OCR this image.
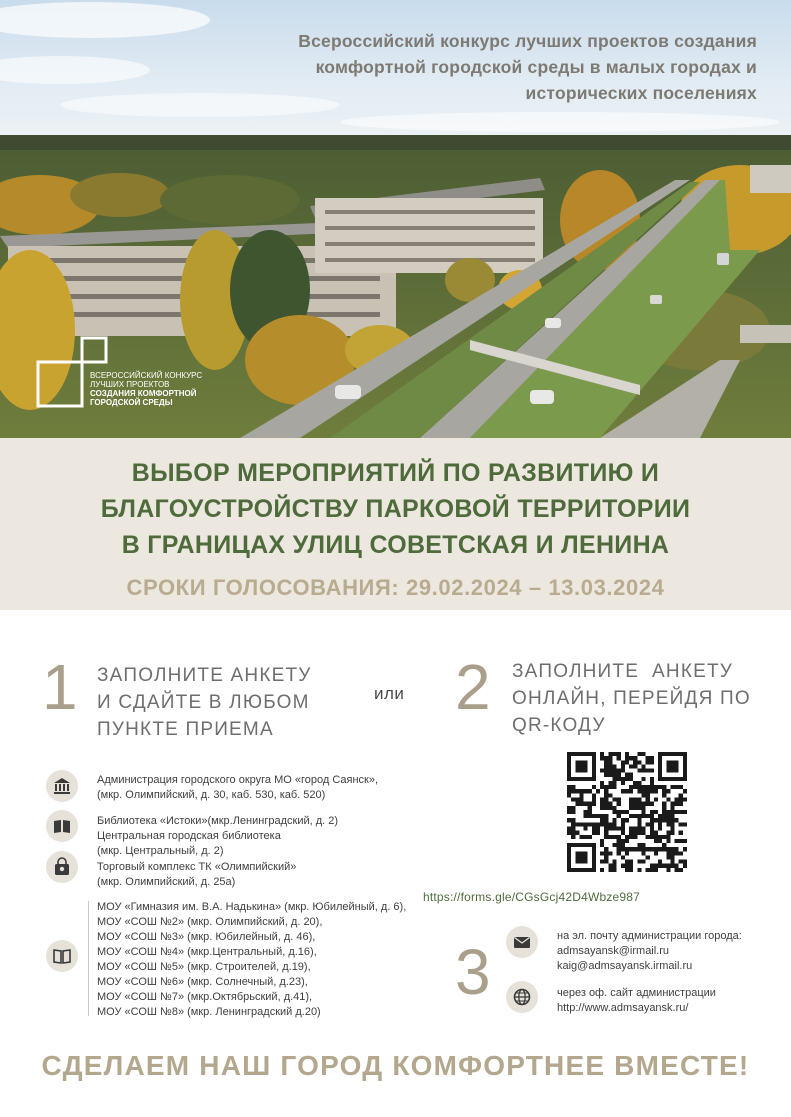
Всероссийский конкурс лучших проектов создания
комфортной городской среды в малых городах и
исторических поселениях
ВСЕРОССИЙСКИЙ КОНКУРС
ЛУЧШИХ ПРОЕКТОВ
СОЗДАНИЯ КОМФОРТНОЙ
ГОРОДСКОЙ СРЕДЫ
ВЫБОР МЕРОПРИЯТИЙ ПО РАЗВИТИЮ И
БЛАГОУСТРОЙСТВУ ПАРКОВОЙ ТЕРРИТОРИИ
В ГРАНИЦАХ УЛИЦ СОВЕТСКАЯ И ЛЕНИНА
СРОКИ ГОЛОСОВАНИЯ: 29.02.2024 – 13.03.2024
1 ЗАПОЛНИТЕ АНКЕТУ
И СДАЙТЕ В ЛЮБОМ
ПУНКТЕ ПРИЕМА
или 2 ЗАПОЛНИТЕ  АНКЕТУ
ОНЛАЙН, ПЕРЕЙДЯ ПО
QR-КОДУ
Администрация городского округа МО «город Саянск»,
(мкр. Олимпийский, д. 30, каб. 530, каб. 520)
Библиотека «Истоки»(мкр.Ленинградский, д. 2)
Центральная городская библиотека
(мкр. Центральный, д. 2)
Торговый комплекс ТК «Олимпийский»
(мкр. Олимпийский, д. 25а)
МОУ «Гимназия им. В.А. Надькина» (мкр. Юбилейный, д. 6),
МОУ «СОШ №2» (мкр. Олимпийский, д. 20),
МОУ «СОШ №3» (мкр. Юбилейный, д. 46),
МОУ «СОШ №4» (мкр.Центральный, д.16),
МОУ «СОШ №5» (мкр. Строителей, д.19),
МОУ «СОШ №6» (мкр. Солнечный, д.23),
МОУ «СОШ №7» (мкр.Октябрьский, д.41),
МОУ «СОШ №8» (мкр. Ленинградский д.20)
https://forms.gle/CGsGcj42D4Wbze987
3	на эл. почту администрации города:
admsayansk@irmail.ru
kaig@admsayansk.irmail.ru
через оф. сайт администрации
http://www.admsayansk.ru/
СДЕЛАЕМ НАШ ГОРОД КОМФОРТНЕЕ ВМЕСТЕ!
